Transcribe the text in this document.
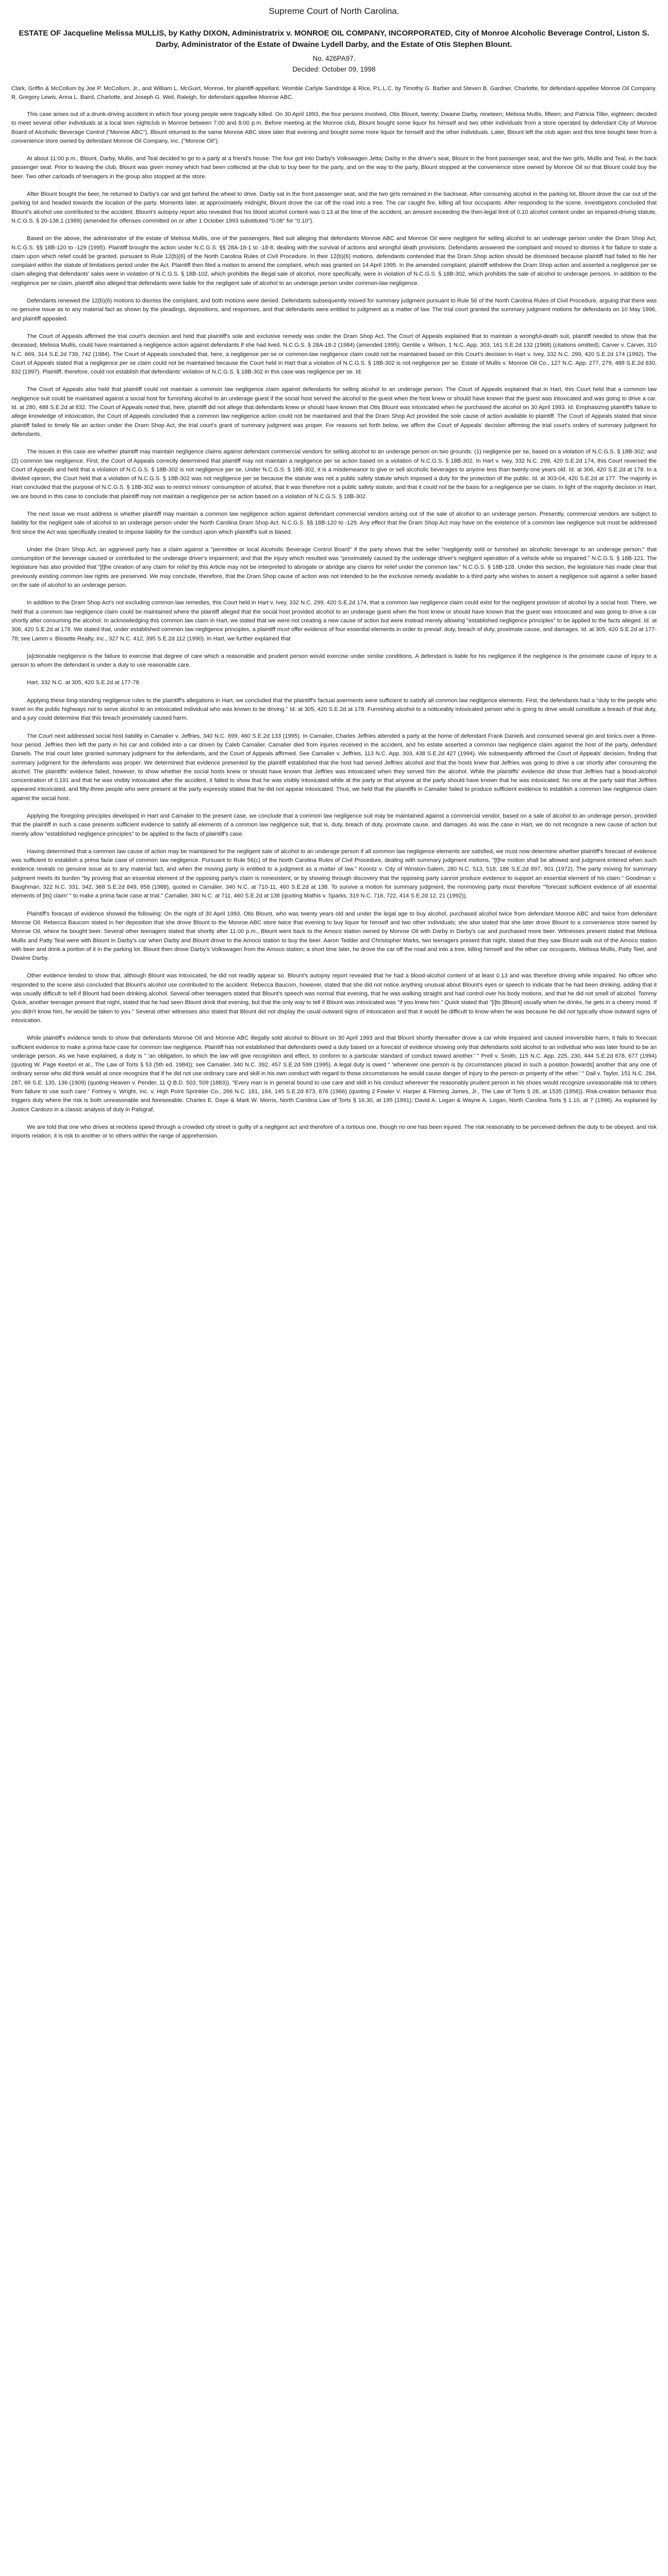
Supreme Court of North Carolina.
ESTATE OF Jacqueline Melissa MULLIS, by Kathy DIXON, Administratrix v. MONROE OIL COMPANY, INCORPORATED, City of Monroe Alcoholic Beverage Control, Liston S. Darby, Administrator of the Estate of Dwaine Lydell Darby, and the Estate of Otis Stephen Blount.
No. 426PA97.
Decided: October 09, 1998
Clark, Griffin & McCollum by Joe P. McCollum, Jr., and William L. McGuirt, Monroe, for plaintiff-appellant. Womble Carlyle Sandridge & Rice, P.L.L.C. by Timothy G. Barber and Steven B. Gardner, Charlotte, for defendant-appellee Monroe Oil Company. R. Gregory Lewis, Anna L. Baird, Charlotte, and Joseph G. Weil, Raleigh, for defendant-appellee Monroe ABC.

This case arises out of a drunk-driving accident in which four young people were tragically killed. On 30 April 1993, the four persons involved, Otis Blount, twenty; Dwaine Darby, nineteen; Melissa Mullis, fifteen; and Patricia Tiller, eighteen; decided to meet several other individuals at a local teen nightclub in Monroe between 7:00 and 8:00 p.m. Before meeting at the Monroe club, Blount bought some liquor for himself and two other individuals from a store operated by defendant City of Monroe Board of Alcoholic Beverage Control ("Monroe ABC"). Blount returned to the same Monroe ABC store later that evening and bought some more liquor for himself and the other individuals. Later, Blount left the club again and this time bought beer from a convenience store owned by defendant Monroe Oil Company, Inc. ("Monroe Oil").

At about 11:00 p.m., Blount, Darby, Mullis, and Teal decided to go to a party at a friend's house. The four got into Darby's Volkswagen Jetta; Darby in the driver's seat, Blount in the front passenger seat, and the two girls, Mullis and Teal, in the back passenger seat. Prior to leaving the club, Blount was given money which had been collected at the club to buy beer for the party, and on the way to the party, Blount stopped at the convenience store owned by Monroe Oil so that Blount could buy the beer. Two other carloads of teenagers in the group also stopped at the store.

After Blount bought the beer, he returned to Darby's car and got behind the wheel to drive. Darby sat in the front passenger seat, and the two girls remained in the backseat. After consuming alcohol in the parking lot, Blount drove the car out of the parking lot and headed towards the location of the party. Moments later, at approximately midnight, Blount drove the car off the road into a tree. The car caught fire, killing all four occupants. After responding to the scene, investigators concluded that Blount's alcohol use contributed to the accident. Blount's autopsy report also revealed that his blood alcohol content was 0.13 at the time of the accident, an amount exceeding the then-legal limit of 0.10 alcohol content under an impaired-driving statute, N.C.G.S. § 20-138.1 (1989) (amended for offenses committed on or after 1 October 1993 substituted "0.08" for "0.10").

Based on the above, the administrator of the estate of Melissa Mullis, one of the passengers, filed suit alleging that defendants Monroe ABC and Monroe Oil were negligent for selling alcohol to an underage person under the Dram Shop Act, N.C.G.S. §§ 18B-120 to -129 (1995). Plaintiff brought the action under N.C.G.S. §§ 28A-18-1 to -18-8, dealing with the survival of actions and wrongful death provisions. Defendants answered the complaint and moved to dismiss it for failure to state a claim upon which relief could be granted, pursuant to Rule 12(b)(6) of the North Carolina Rules of Civil Procedure. In their 12(b)(6) motions, defendants contended that the Dram Shop action should be dismissed because plaintiff had failed to file her complaint within the statute of limitations period under the Act. Plaintiff then filed a motion to amend the complaint, which was granted on 14 April 1995. In the amended complaint, plaintiff withdrew the Dram Shop action and asserted a negligence per se claim alleging that defendants' sales were in violation of N.C.G.S. § 18B-102, which prohibits the illegal sale of alcohol, more specifically, were in violation of N.C.G.S. § 18B-302, which prohibits the sale of alcohol to underage persons. In addition to the negligence per se claim, plaintiff also alleged that defendants were liable for the negligent sale of alcohol to an underage person under common-law negligence.

Defendants renewed the 12(b)(6) motions to dismiss the complaint, and both motions were denied. Defendants subsequently moved for summary judgment pursuant to Rule 56 of the North Carolina Rules of Civil Procedure, arguing that there was no genuine issue as to any material fact as shown by the pleadings, depositions, and responses, and that defendants were entitled to judgment as a matter of law. The trial court granted the summary judgment motions for defendants on 10 May 1996, and plaintiff appealed.

The Court of Appeals affirmed the trial court's decision and held that plaintiff's sole and exclusive remedy was under the Dram Shop Act. The Court of Appeals explained that to maintain a wrongful-death suit, plaintiff needed to show that the deceased, Melissa Mullis, could have maintained a negligence action against defendants if she had lived. N.C.G.S. § 28A-18-2 (1984) (amended 1995); Gentile v. Wilson, 1 N.C. App. 303, 161 S.E.2d 132 (1968) (citations omitted); Carver v. Carver, 310 N.C. 669, 314 S.E.2d 739, 742 (1984). The Court of Appeals concluded that, here, a negligence per se or common-law negligence claim could not be maintained based on this Court's decision in Hart v. Ivey, 332 N.C. 299, 420 S.E.2d 174 (1992). The Court of Appeals stated that a negligence per se claim could not be maintained because the Court held in Hart that a violation of N.C.G.S. § 18B-302 is not negligence per se. Estate of Mullis v. Monroe Oil Co., 127 N.C. App. 277, 279, 488 S.E.2d 830, 832 (1997). Plaintiff, therefore, could not establish that defendants' violation of N.C.G.S. § 18B-302 in this case was negligence per se. Id.

The Court of Appeals also held that plaintiff could not maintain a common law negligence claim against defendants for selling alcohol to an underage person. The Court of Appeals explained that in Hart, this Court held that a common law negligence suit could be maintained against a social host for furnishing alcohol to an underage guest if the social host served the alcohol to the guest when the host knew or should have known that the guest was intoxicated and was going to drive a car. Id. at 280, 488 S.E.2d at 832. The Court of Appeals noted that, here, plaintiff did not allege that defendants knew or should have known that Otis Blount was intoxicated when he purchased the alcohol on 30 April 1993. Id. Emphasizing plaintiff's failure to allege knowledge of intoxication, the Court of Appeals concluded that a common law negligence action could not be maintained and that the Dram Shop Act provided the sole cause of action available to plaintiff. The Court of Appeals stated that since plaintiff failed to timely file an action under the Dram Shop Act, the trial court's grant of summary judgment was proper. For reasons set forth below, we affirm the Court of Appeals' decision affirming the trial court's orders of summary judgment for defendants.

The issues in this case are whether plaintiff may maintain negligence claims against defendant commercial vendors for selling alcohol to an underage person on two grounds: (1) negligence per se, based on a violation of N.C.G.S. § 18B-302; and (2) common law negligence. First, the Court of Appeals correctly determined that plaintiff may not maintain a negligence per se action based on a violation of N.C.G.S. § 18B-302. In Hart v. Ivey, 332 N.C. 299, 420 S.E.2d 174, this Court reversed the Court of Appeals and held that a violation of N.C.G.S. § 18B-302 is not negligence per se. Under N.C.G.S. § 18B-302, it is a misdemeanor to give or sell alcoholic beverages to anyone less than twenty-one years old. Id. at 306, 420 S.E.2d at 178. In a divided opinion, the Court held that a violation of N.C.G.S. § 18B-302 was not negligence per se because the statute was not a public safety statute which imposed a duty for the protection of the public. Id. at 303-04, 420 S.E.2d at 177. The majority in Hart concluded that the purpose of N.C.G.S. § 18B-302 was to restrict minors' consumption of alcohol, that it was therefore not a public safety statute, and that it could not be the basis for a negligence per se claim. In light of the majority decision in Hart, we are bound in this case to conclude that plaintiff may not maintain a negligence per se action based on a violation of N.C.G.S. § 18B-302.

The next issue we must address is whether plaintiff may maintain a common law negligence action against defendant commercial vendors arising out of the sale of alcohol to an underage person. Presently, commercial vendors are subject to liability for the negligent sale of alcohol to an underage person under the North Carolina Dram Shop Act. N.C.G.S. §§ 18B-120 to -129. Any effect that the Dram Shop Act may have on the existence of a common law negligence suit must be addressed first since the Act was specifically created to impose liability for the conduct upon which plaintiff's suit is based.

Under the Dram Shop Act, an aggrieved party has a claim against a "permittee or local Alcoholic Beverage Control Board" if the party shows that the seller "negligently sold or furnished an alcoholic beverage to an underage person;" that consumption of the beverage caused or contributed to the underage driver's impairment; and that the injury which resulted was "proximately caused by the underage driver's negligent operation of a vehicle while so impaired." N.C.G.S. § 18B-121. The legislature has also provided that "[t]he creation of any claim for relief by this Article may not be interpreted to abrogate or abridge any claims for relief under the common law." N.C.G.S. § 18B-128. Under this section, the legislature has made clear that previously existing common law rights are preserved. We may conclude, therefore, that the Dram Shop cause of action was not intended to be the exclusive remedy available to a third party who wishes to assert a negligence suit against a seller based on the sale of alcohol to an underage person.

In addition to the Dram Shop Act's not excluding common law remedies, this Court held in Hart v. Ivey, 332 N.C. 299, 420 S.E.2d 174, that a common law negligence claim could exist for the negligent provision of alcohol by a social host. There, we held that a common law negligence claim could be maintained where the plaintiff alleged that the social host provided alcohol to an underage guest when the host knew or should have known that the guest was intoxicated and was going to drive a car shortly after consuming the alcohol. In acknowledging this common law claim in Hart, we stated that we were not creating a new cause of action but were instead merely allowing "established negligence principles" to be applied to the facts alleged. Id. at 306, 420 S.E.2d at 178. We stated that, under established common law negligence principles, a plaintiff must offer evidence of four essential elements in order to prevail: duty, breach of duty, proximate cause, and damages. Id. at 305, 420 S.E.2d at 177-78; see Lamm v. Bissette Realty, Inc., 327 N.C. 412, 395 S.E.2d 112 (1990). In Hart, we further explained that

[a]ctionable negligence is the failure to exercise that degree of care which a reasonable and prudent person would exercise under similar conditions. A defendant is liable for his negligence if the negligence is the proximate cause of injury to a person to whom the defendant is under a duty to use reasonable care.

Hart, 332 N.C. at 305, 420 S.E.2d at 177-78.

Applying these long-standing negligence rules to the plaintiff's allegations in Hart, we concluded that the plaintiff's factual averments were sufficient to satisfy all common law negligence elements. First, the defendants had a "duty to the people who travel on the public highways not to serve alcohol to an intoxicated individual who was known to be driving." Id. at 305, 420 S.E.2d at 178. Furnishing alcohol to a noticeably intoxicated person who is going to drive would constitute a breach of that duty, and a jury could determine that this breach proximately caused harm.

The Court next addressed social host liability in Camalier v. Jeffries, 340 N.C. 699, 460 S.E.2d 133 (1995). In Camalier, Charles Jeffries attended a party at the home of defendant Frank Daniels and consumed several gin and tonics over a three-hour period. Jeffries then left the party in his car and collided into a car driven by Caleb Camalier. Camalier died from injuries received in the accident, and his estate asserted a common law negligence claim against the host of the party, defendant Daniels. The trial court later granted summary judgment for the defendants, and the Court of Appeals affirmed. See Camalier v. Jeffries, 113 N.C. App. 303, 438 S.E.2d 427 (1994). We subsequently affirmed the Court of Appeals' decision, finding that summary judgment for the defendants was proper. We determined that evidence presented by the plaintiff established that the host had served Jeffries alcohol and that the hosts knew that Jeffries was going to drive a car shortly after consuming the alcohol. The plaintiffs' evidence failed, however, to show whether the social hosts knew or should have known that Jeffries was intoxicated when they served him the alcohol. While the plaintiffs' evidence did show that Jeffries had a blood-alcohol concentration of 0.191 and that he was visibly intoxicated after the accident, it failed to show that he was visibly intoxicated while at the party or that anyone at the party should have known that he was intoxicated. No one at the party said that Jeffries appeared intoxicated, and fifty-three people who were present at the party expressly stated that he did not appear intoxicated. Thus, we held that the plaintiffs in Camalier failed to produce sufficient evidence to establish a common law negligence claim against the social host.

Applying the foregoing principles developed in Hart and Camalier to the present case, we conclude that a common law negligence suit may be maintained against a commercial vendor, based on a sale of alcohol to an underage person, provided that the plaintiff in such a case presents sufficient evidence to satisfy all elements of a common law negligence suit, that is, duty, breach of duty, proximate cause, and damages. As was the case in Hart, we do not recognize a new cause of action but merely allow "established negligence principles" to be applied to the facts of plaintiff's case.

Having determined that a common law cause of action may be maintained for the negligent sale of alcohol to an underage person if all common law negligence elements are satisfied, we must now determine whether plaintiff's forecast of evidence was sufficient to establish a prima facie case of common law negligence. Pursuant to Rule 56(c) of the North Carolina Rules of Civil Procedure, dealing with summary judgment motions, "[t]he motion shall be allowed and judgment entered when such evidence reveals no genuine issue as to any material fact, and when the moving party is entitled to a judgment as a matter of law." Koontz v. City of Winston-Salem, 280 N.C. 513, 518, 186 S.E.2d 897, 901 (1972). The party moving for summary judgment meets its burden "by proving that an essential element of the opposing party's claim is nonexistent, or by showing through discovery that the opposing party cannot produce evidence to support an essential element of his claim." Goodman v. Baughman, 322 N.C. 331, 342, 368 S.E.2d 849, 858 (1988), quoted in Camalier, 340 N.C. at 710-11, 460 S.E.2d at 138. To survive a motion for summary judgment, the nonmoving party must therefore "'forecast sufficient evidence of all essential elements of [its] claim' " to make a prima facie case at trial." Camalier, 340 N.C. at 711, 460 S.E.2d at 138 (quoting Mathis v. Sparks, 319 N.C. 716, 722, 414 S.E.2d 12, 21 (1992)).

Plaintiff's forecast of evidence showed the following: On the night of 30 April 1993, Otis Blount, who was twenty years old and under the legal age to buy alcohol, purchased alcohol twice from defendant Monroe ABC and twice from defendant Monroe Oil. Rebecca Baucom stated in her deposition that she drove Blount to the Monroe ABC store twice that evening to buy liquor for himself and two other individuals; she also stated that she later drove Blount to a convenience store owned by Monroe Oil, where he bought beer. Several other teenagers stated that shortly after 11:00 p.m., Blount went back to the Amoco station owned by Monroe Oil with Darby in Darby's car and purchased more beer. Witnesses present stated that Melissa Mullis and Patty Teal were with Blount in Darby's car when Darby and Blount drove to the Amoco station to buy the beer. Aaron Tedder and Christopher Marks, two teenagers present that night, stated that they saw Blount walk out of the Amoco station with beer and drink a portion of it in the parking lot. Blount then drove Darby's Volkswagen from the Amoco station; a short time later, he drove the car off the road and into a tree, killing himself and the other car occupants, Melissa Mullis, Patty Teel, and Dwaine Darby.

Other evidence tended to show that, although Blount was intoxicated, he did not readily appear so. Blount's autopsy report revealed that he had a blood-alcohol content of at least 0.13 and was therefore driving while impaired. No officer who responded to the scene also concluded that Blount's alcohol use contributed to the accident. Rebecca Baucom, however, stated that she did not notice anything unusual about Blount's eyes or speech to indicate that he had been drinking, adding that it was usually difficult to tell if Blount had been drinking alcohol. Several other teenagers stated that Blount's speech was normal that evening, that he was walking straight and had control over his body motions, and that he did not smell of alcohol. Tommy Quick, another teenager present that night, stated that he had seen Blount drink that evening, but that the only way to tell if Blount was intoxicated was "if you knew him." Quick stated that "[i]ts [Blount] usually when he drinks, he gets in a cheery mood. If you didn't know him, he would be taken to you." Several other witnesses also stated that Blount did not display the usual outward signs of intoxication and that it would be difficult to know when he was because he did not typically show outward signs of intoxication.

While plaintiff's evidence tends to show that defendants Monroe Oil and Monroe ABC illegally sold alcohol to Blount on 30 April 1993 and that Blount shortly thereafter drove a car while impaired and caused irreversible harm, it fails to forecast sufficient evidence to make a prima facie case for common law negligence. Plaintiff has not established that defendants owed a duty based on a forecast of evidence showing only that defendants sold alcohol to an individual who was later found to be an underage person. As we have explained, a duty is " 'an obligation, to which the law will give recognition and effect, to conform to a particular standard of conduct toward another.' " Prell v. Smith, 115 N.C. App. 225, 230, 444 S.E.2d 678, 677 (1994) (quoting W. Page Keeton et al., The Law of Torts § 53 (5th ed. 1984)); see Camalier, 340 N.C. 392, 457 S.E.2d 599 (1995). A legal duty is owed " 'whenever one person is by circumstances placed in such a position [towards] another that any one of ordinary sense who did think would at once recognize that if he did not use ordinary care and skill in his own conduct with regard to those circumstances he would cause danger of injury to the person or property of the other.' " Dail v. Taylor, 151 N.C. 284, 287, 66 S.E. 135, 136 (1909) (quoting Heaven v. Pender, 11 Q.B.D. 503, 509 (1883)). "Every man is in general bound to use care and skill in his conduct wherever the reasonably prudent person in his shoes would recognize unreasonable risk to others from failure to use such care." Fortney v. Wright, Inc. v. High Point Sprinkler Co., 266 N.C. 181, 184, 145 S.E.2d 873, 876 (1966) (quoting 2 Fowler V. Harper & Fleming James, Jr., The Law of Torts § 28, at 1535 (1956)). Risk-creation behavior thus triggers duty where the risk is both unreasonable and foreseeable. Charles E. Daye & Mark W. Morris, North Carolina Law of Torts § 16.30, at 195 (1991); David A. Logan & Wayne A. Logan, North Carolina Torts § 1.10, at 7 (1996). As explained by Justice Cardozo in a classic analysis of duty in Palsgraf,

We are told that one who drives at reckless speed through a crowded city street is guilty of a negligent act and therefore of a tortious one, though no one has been injured. The risk reasonably to be perceived defines the duty to be obeyed, and risk imports relation; it is risk to another or to others within the range of apprehension.
